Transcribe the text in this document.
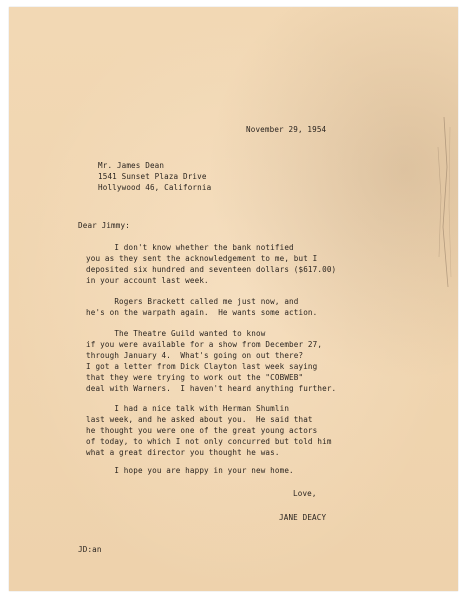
November 29, 1954
Mr. James Dean
1541 Sunset Plaza Drive
Hollywood 46, California
Dear Jimmy:
I don't know whether the bank notified
you as they sent the acknowledgement to me, but I
deposited six hundred and seventeen dollars ($617.00)
in your account last week.
Rogers Brackett called me just now, and
he's on the warpath again.  He wants some action.
The Theatre Guild wanted to know
if you were available for a show from December 27,
through January 4.  What's going on out there?
I got a letter from Dick Clayton last week saying
that they were trying to work out the "COBWEB"
deal with Warners.  I haven't heard anything further.
I had a nice talk with Herman Shumlin
last week, and he asked about you.  He said that
he thought you were one of the great young actors
of today, to which I not only concurred but told him
what a great director you thought he was.
I hope you are happy in your new home.
Love,
JANE DEACY
JD:an
